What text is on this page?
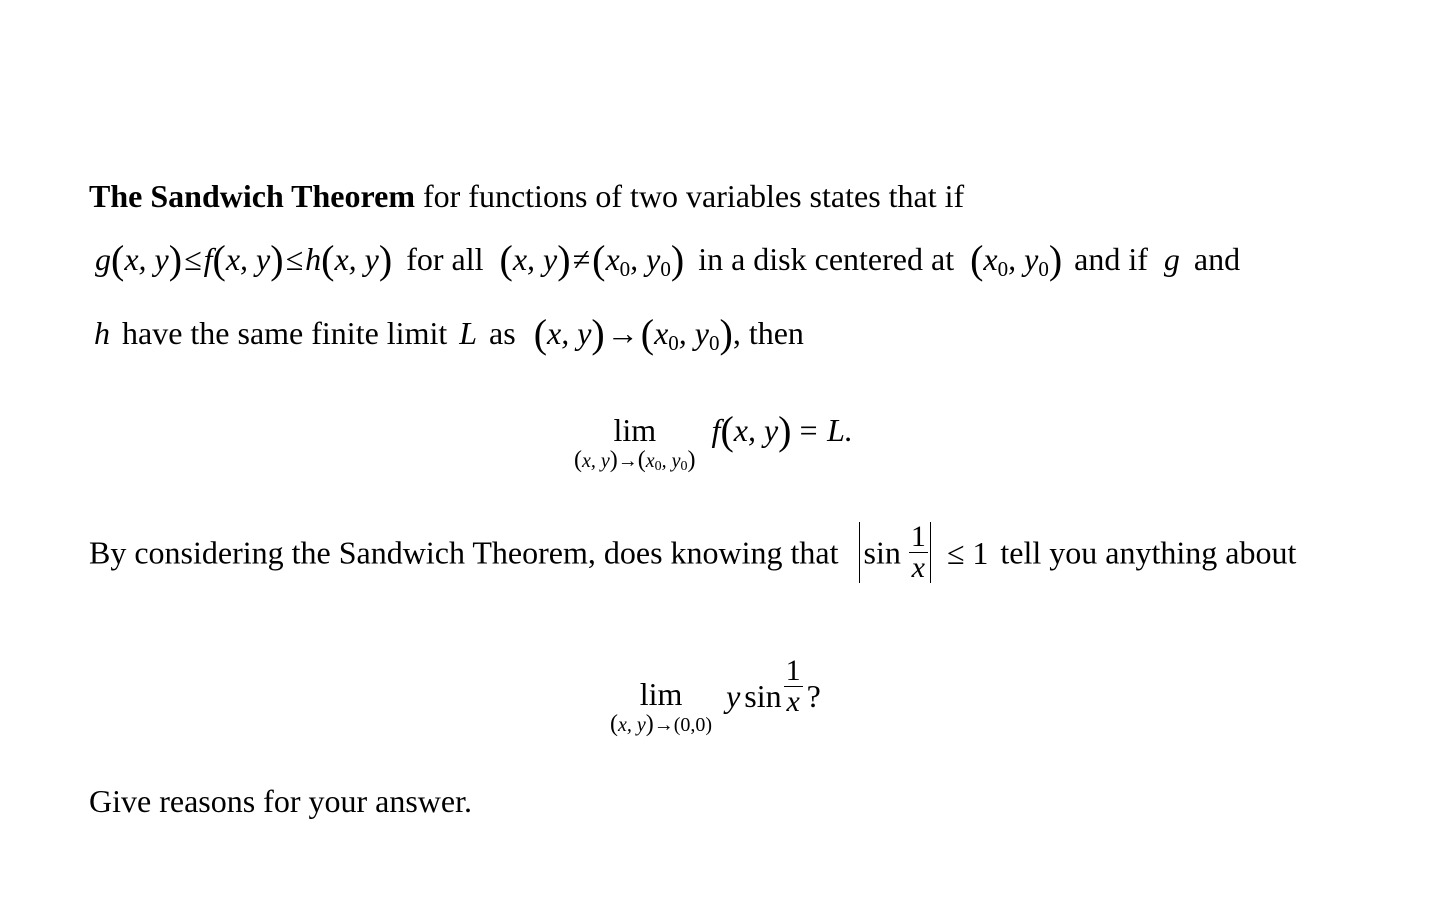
The Sandwich Theorem for functions of two variables states that if
g(x, y)≤f(x, y)≤h(x, y) for all (x, $y)\ne(x_0$, $y_0$) in a disk centered at ($x_0$, $y_0$) and if g and
h have the same finite limit L as (x, $y)\to(x_0$, $y_0$), then
lim
(x, $y)\to(x_0$, $y_0$)
f(x, y) = L.
By considering the Sandwich Theorem, does knowing that $\sin \frac{1}{x} \le 1$ tell you anything about
lim
(x, y)→(0,0)
y $\sin \frac{1}{x}$ ?
Give reasons for your answer.
